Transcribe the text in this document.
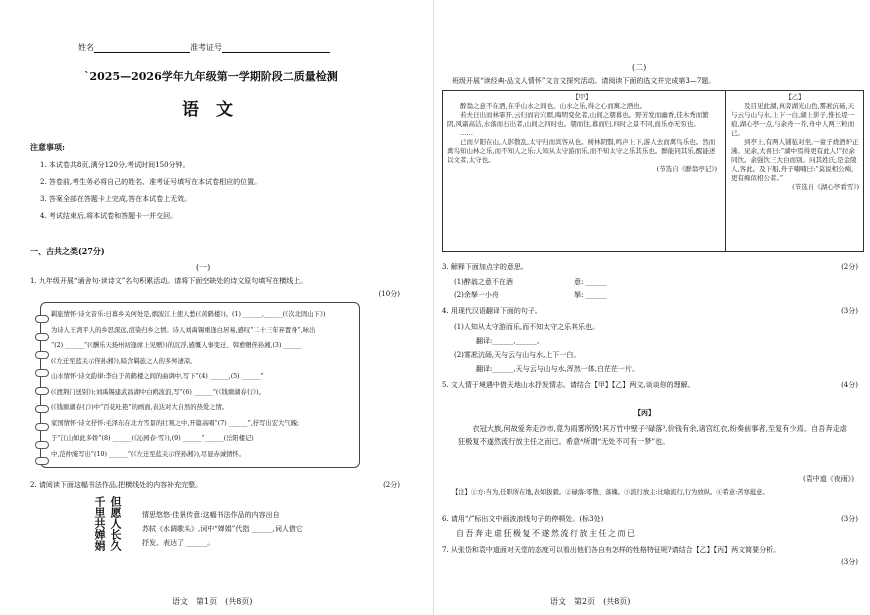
姓名	准考证号
`2025—2026学年九年级第一学期阶段二质量检测
语　文
注意事项:
1. 本试卷共8页,满分120分,考试时间150分钟。
2. 答卷前,考生务必将自己的姓名、准考证号填写在本试卷相应的位置。
3. 答案全部在答题卡上完成,答在本试卷上无效。
4. 考试结束后,将本试卷和答题卡一并交回。
一、古共之类(27分)
(一)
1. 九年级开展“诵舍句·读诗文”名句积累活动。请将下面空缺处的诗文原句填写在横线上。
(10分)
羁旅情怀·诗文音乐:日暮乡关何处是,烟波江上使人愁(《黄鹤楼》)。(1) ______,______(《次北固山下》)
为诗人王湾平人的乡思深远,渲染归乡之情。诗人刘禹锡重逢白居易,感叹“二十三年弃置身”,咏出
“(2) ______”(《酬乐天扬州初逢席上见赠》)的沉浮,感慨人事变迁、韩愈赠侄孙湘,(3) ______
(《左迁至蓝关示侄孙湘》),暗含羁旅之人的多舛凄凉。
山水情怀·诗文韵律:李白于黄鹤楼之间的曲调中,写下“(4) ______,(5) ______”
(《渡荆门送别》);刘禹锡建武昌湖中白鸥波浪,写“(6) ______”(《钱塘湖春行》)。
(《钱塘湖春行》)中“百花吐艳”的画面,表达对大自然的热爱之情。
家国情怀·诗文抒怀:毛泽东在北方雪景的壮观之中,开篇高唱“(7) ______”,抒写出宏大气魄;
于“江山如此多娇”(8) ______(《沁园春·雪》),(9) ______“______(岳阳楼记)
中,范仲淹写出“(10) ______”(《左迁至蓝关示侄孙湘》),尽显赤诚情怀。
2. 请阅读下面这幅书法作品,把横线处的内容补充完整。	(2分)
千里共婵娟 但愿人长久	情思悠悠·佳景传意:这幅书法作品的内容出自
苏轼《水调歌头》,词中“婵娟”代指 ______,词人借它
抒发、表达了 ______。
语文　第1页　(共8页)
(二)
班级开展“读经典·品文人情怀”文言文探究活动。请阅读下面的选文并完成第3—7题。
【甲】
醉翁之意不在酒,在乎山水之间也。山水之乐,得之心而寓之酒也。
若夫日出而林霏开,云归而岩穴暝,晦明变化者,山间之朝暮也。野芳发而幽香,佳木秀而繁阴,风霜高洁,水落而石出者,山间之四时也。朝而往,暮而归,四时之景不同,而乐亦无穷也。
……
已而夕阳在山,人影散乱,太守归而宾客从也。树林阴翳,鸣声上下,游人去而禽鸟乐也。然而禽鸟知山林之乐,而不知人之乐;人知从太守游而乐,而不知太守之乐其乐也。醉能同其乐,醒能述以文者,太守也。
(节选自《醉翁亭记》)
【乙】
及目见此湖,真旁湖光山色,雾凇沆砀,天与云与山与水,上下一白,湖上影子,惟长堤一痕,湖心亭一点,与余舟一芥,舟中人两三粒而已。
到亭上,有两人铺毡对坐,一童子烧酒炉正沸。见余,大喜曰:“湖中焉得更有此人!”拉余同饮。余强饮三大白而别。问其姓氏,是金陵人,客此。及下船,舟子喃喃曰:“莫说相公痴,更有痴似相公者。”
(节选自《湖心亭看雪》)
3. 解释下面加点字的意思。	(2分)
(1)醉翁之意不在酒	意: ______
(2)余拏一小舟	拏: ______
4. 用现代汉语翻译下面的句子。	(3分)
(1)人知从太守游而乐,而不知太守之乐其乐也。
翻译:______,______。
(2)雾凇沆砀,天与云与山与水,上下一白。
翻译:______,天与云与山与水,浑然一体,白茫茫一片。
5. 文人情于境遇中借天地山水抒发情志。请结合【甲】【乙】两文,谈谈你的理解。	(4分)
【丙】
衣冠大族,何故爱奔走沙市,竟为雨雾所毁!其万竹中壁子²碌落³,价钱有余,诸宫红衣,纷奏前事者,至复有少焉。自吾奔走虐狂极复不遂然流行放主任之而已。希意⁴所谓“无处不可有一梦”也。
(袁中道《夜雨》)
【注】①方:当为,任职所在地,表如拔毅。②碌落:零散、落魄。③流行放主:比喻流行,行为放纵。④希意:苦寒蕴意。
6. 请用“/”标出文中画波浪线句子的停顿处。(标3处)	(3分)
自吾奔走虐狂极复不遂然流行放主任之而已
7. 从张岱和袁中道面对天堂的态度可以看出他们各自有怎样的性格特征呢?请结合【乙】【丙】两文简要分析。
(3分)
语文　第2页　(共8页)
